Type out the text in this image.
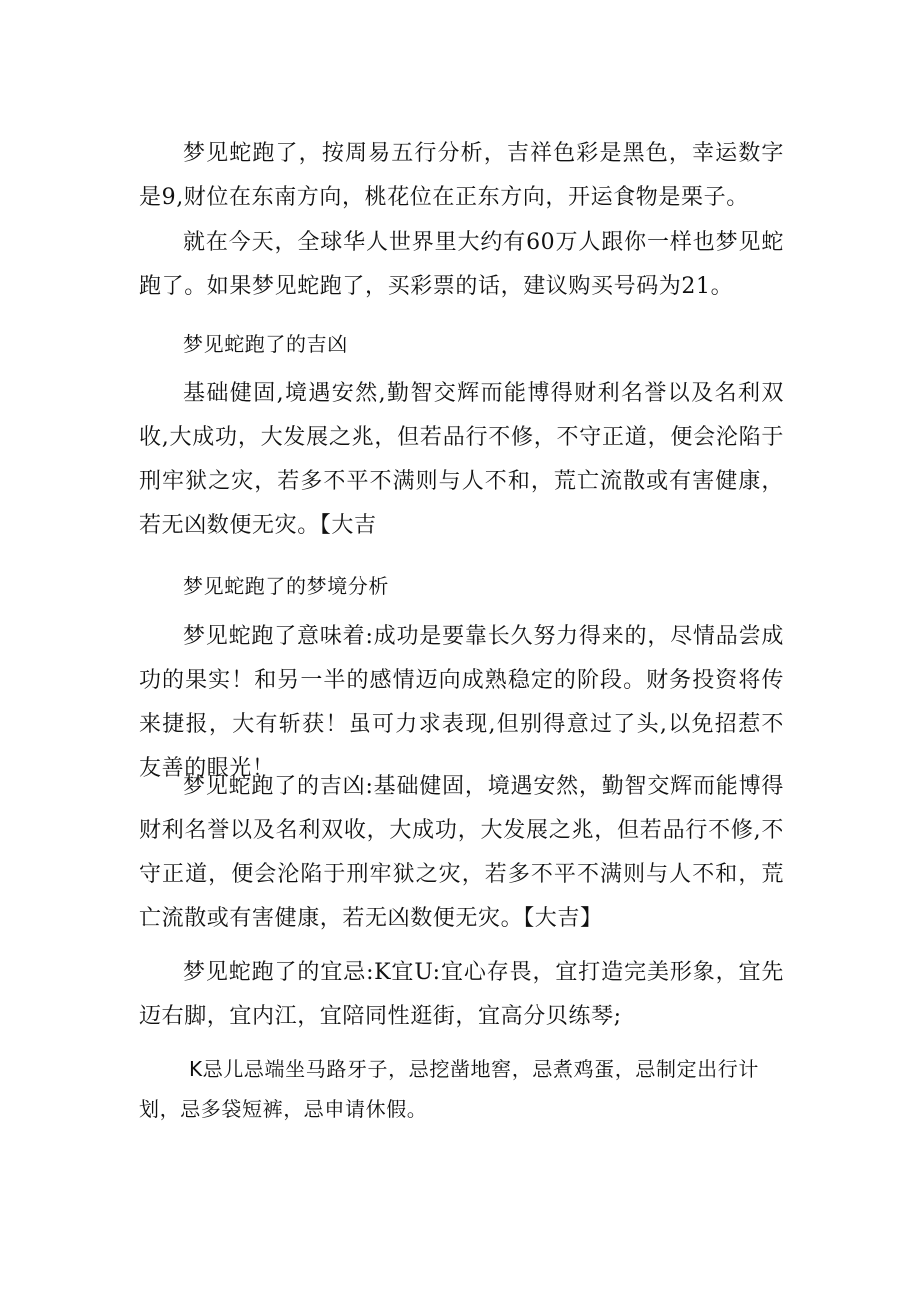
梦见蛇跑了，按周易五行分析，吉祥色彩是黑色，幸运数字是9,财位在东南方向，桃花位在正东方向，开运食物是栗子。

就在今天，全球华人世界里大约有60万人跟你一样也梦见蛇跑了。如果梦见蛇跑了，买彩票的话，建议购买号码为21。

梦见蛇跑了的吉凶

基础健固,境遇安然,勤智交辉而能博得财利名誉以及名利双收,大成功，大发展之兆，但若品行不修，不守正道，便会沦陷于刑牢狱之灾，若多不平不满则与人不和，荒亡流散或有害健康，若无凶数便无灾。【大吉

梦见蛇跑了的梦境分析

梦见蛇跑了意味着:成功是要靠长久努力得来的，尽情品尝成功的果实！和另一半的感情迈向成熟稳定的阶段。财务投资将传来捷报，大有斩获！虽可力求表现,但别得意过了头,以免招惹不友善的眼光！

梦见蛇跑了的吉凶:基础健固，境遇安然，勤智交辉而能博得财利名誉以及名利双收，大成功，大发展之兆，但若品行不修,不守正道，便会沦陷于刑牢狱之灾，若多不平不满则与人不和，荒亡流散或有害健康，若无凶数便无灾。【大吉】

梦见蛇跑了的宜忌:K宜U:宜心存畏，宜打造完美形象，宜先迈右脚，宜内江，宜陪同性逛街，宜高分贝练琴;

K忌儿忌端坐马路牙子，忌挖凿地窖，忌煮鸡蛋，忌制定出行计划，忌多袋短裤，忌申请休假。
